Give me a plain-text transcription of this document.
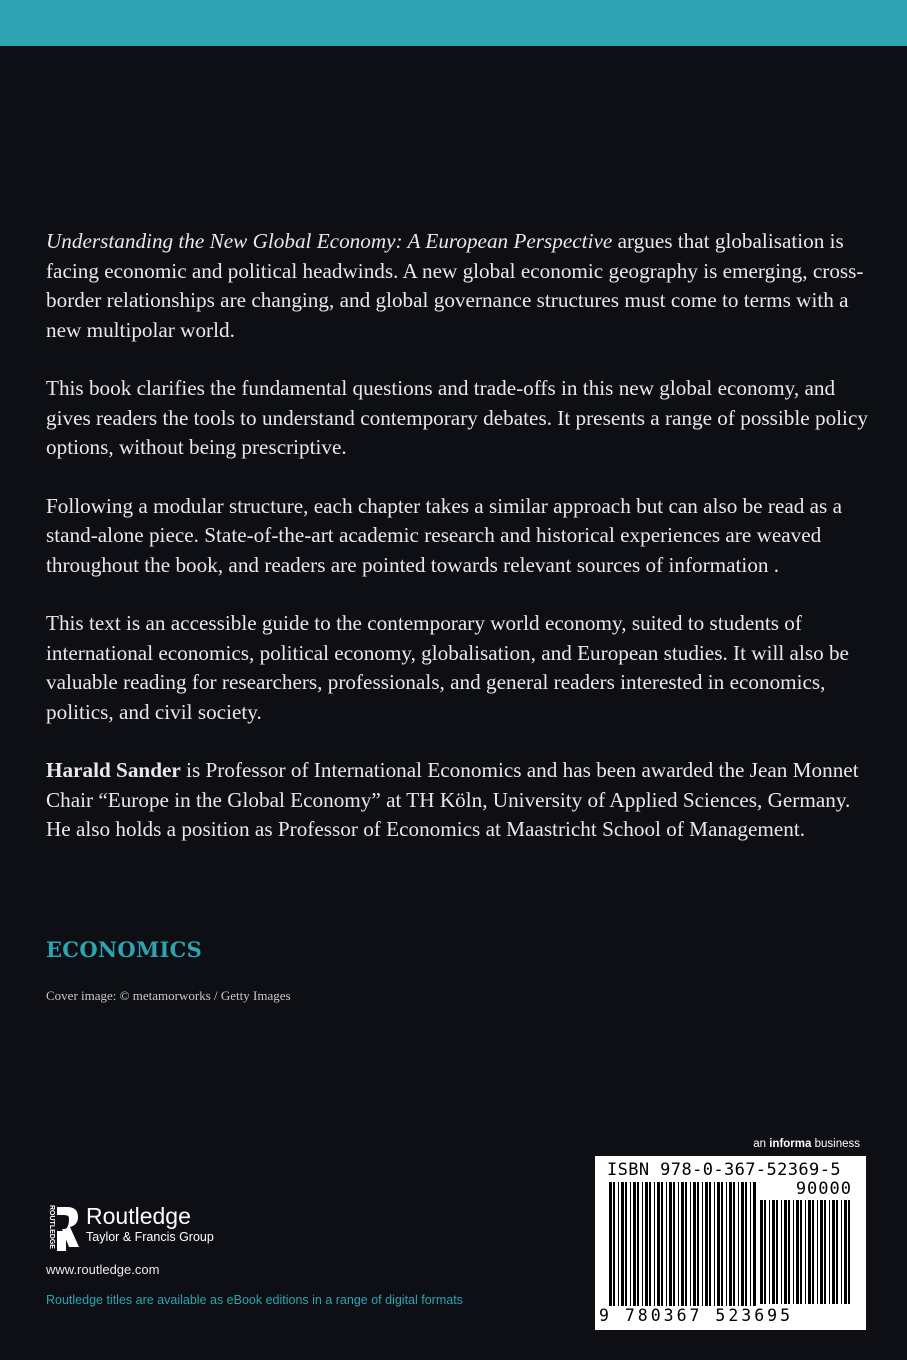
Understanding the New Global Economy: A European Perspective argues that globalisation is facing economic and political headwinds. A new global economic geography is emerging, cross-border relationships are changing, and global governance structures must come to terms with a new multipolar world.

This book clarifies the fundamental questions and trade-offs in this new global economy, and gives readers the tools to understand contemporary debates. It presents a range of possible policy options, without being prescriptive.

Following a modular structure, each chapter takes a similar approach but can also be read as a stand-alone piece. State-of-the-art academic research and historical experiences are weaved throughout the book, and readers are pointed towards relevant sources of information .

This text is an accessible guide to the contemporary world economy, suited to students of international economics, political economy, globalisation, and European studies. It will also be valuable reading for researchers, professionals, and general readers interested in economics, politics, and civil society.

Harald Sander is Professor of International Economics and has been awarded the Jean Monnet Chair “Europe in the Global Economy” at TH Köln, University of Applied Sciences, Germany. He also holds a position as Professor of Economics at Maastricht School of Management.

ECONOMICS
Cover image: © metamorworks / Getty Images
ROUTLEDGE Routledge
Taylor & Francis Group
www.routledge.com
Routledge titles are available as eBook editions in a range of digital formats
an informa business
ISBN 978-0-367-52369-5
90000
9 780367 523695
